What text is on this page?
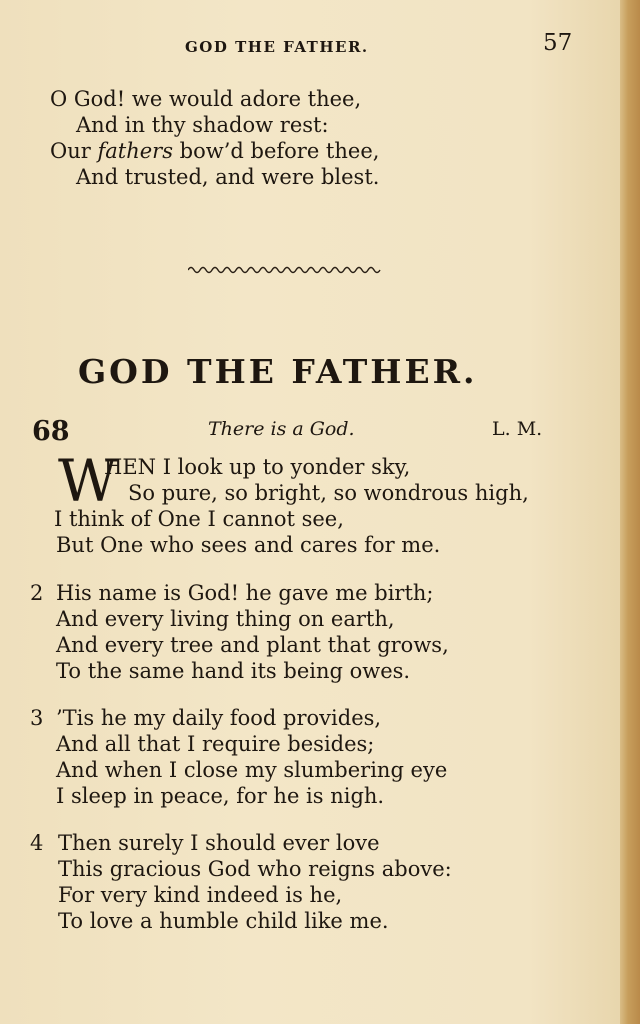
GOD THE FATHER.	57
O God! we would adore thee,
And in thy shadow rest:
Our fathers bow’d before thee,
And trusted, and were blest.
GOD THE FATHER.
68	There is a God.	L. M.
W
HEN I look up to yonder sky,
So pure, so bright, so wondrous high,
I think of One I cannot see,
But One who sees and cares for me.
2 His name is God! he gave me birth;
And every living thing on earth,
And every tree and plant that grows,
To the same hand its being owes.
3 ’Tis he my daily food provides,
And all that I require besides;
And when I close my slumbering eye
I sleep in peace, for he is nigh.
4 Then surely I should ever love
This gracious God who reigns above:
For very kind indeed is he,
To love a humble child like me.
